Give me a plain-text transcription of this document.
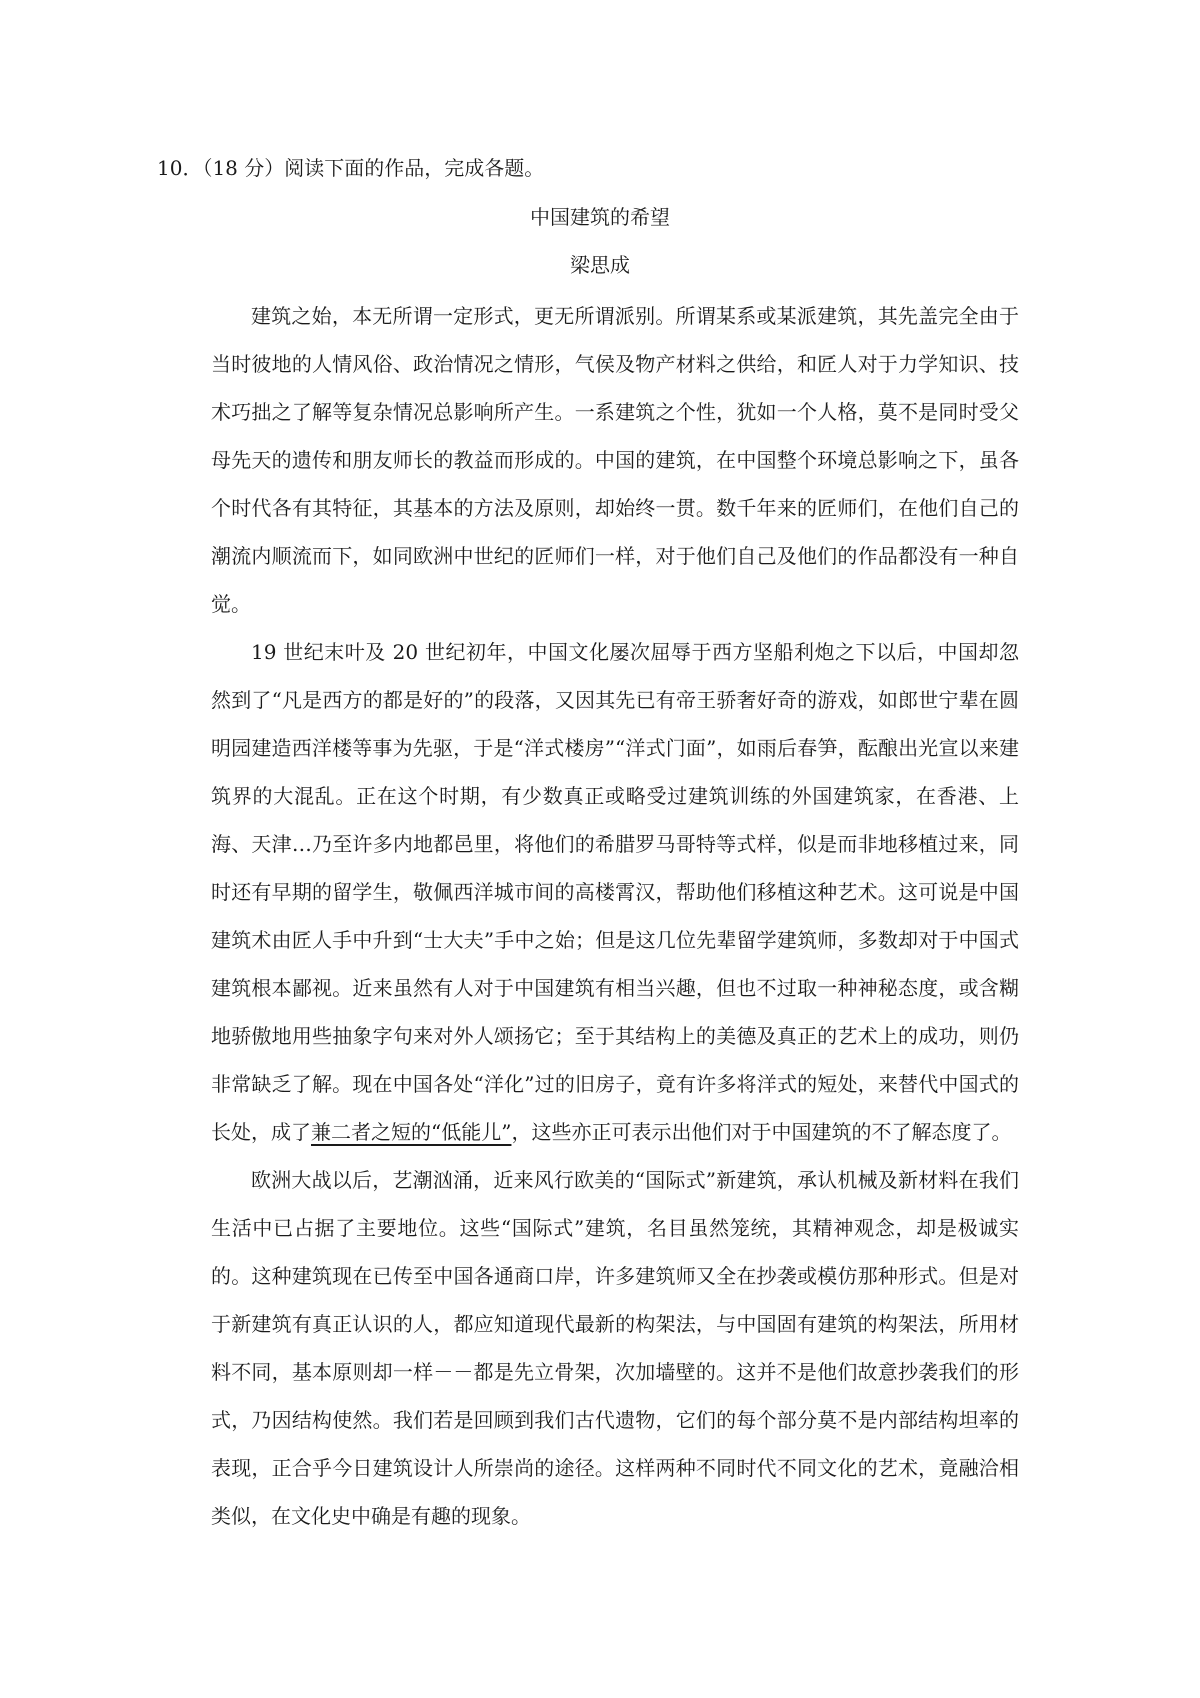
10．（18 分）阅读下面的作品，完成各题。
中国建筑的希望
梁思成

建筑之始，本无所谓一定形式，更无所谓派别。所谓某系或某派建筑，其先盖完全由于当时彼地的人情风俗、政治情况之情形，气侯及物产材料之供给，和匠人对于力学知识、技术巧拙之了解等复杂情况总影响所产生。一系建筑之个性，犹如一个人格，莫不是同时受父母先天的遗传和朋友师长的教益而形成的。中国的建筑，在中国整个环境总影响之下，虽各个时代各有其特征，其基本的方法及原则，却始终一贯。数千年来的匠师们，在他们自己的潮流内顺流而下，如同欧洲中世纪的匠师们一样，对于他们自己及他们的作品都没有一种自觉。

19 世纪末叶及 20 世纪初年，中国文化屡次屈辱于西方坚船利炮之下以后，中国却忽然到了“凡是西方的都是好的”的段落，又因其先已有帝王骄奢好奇的游戏，如郎世宁辈在圆明园建造西洋楼等事为先驱，于是“洋式楼房”“洋式门面”，如雨后春笋，酝酿出光宣以来建筑界的大混乱。正在这个时期，有少数真正或略受过建筑训练的外国建筑家，在香港、上海、天津…乃至许多内地都邑里，将他们的希腊罗马哥特等式样，似是而非地移植过来，同时还有早期的留学生，敬佩西洋城市间的高楼霄汉，帮助他们移植这种艺术。这可说是中国建筑术由匠人手中升到“士大夫”手中之始；但是这几位先辈留学建筑师，多数却对于中国式建筑根本鄙视。近来虽然有人对于中国建筑有相当兴趣，但也不过取一种神秘态度，或含糊地骄傲地用些抽象字句来对外人颂扬它；至于其结构上的美德及真正的艺术上的成功，则仍非常缺乏了解。现在中国各处“洋化”过的旧房子，竟有许多将洋式的短处，来替代中国式的长处，成了兼二者之短的“低能儿”，这些亦正可表示出他们对于中国建筑的不了解态度了。

欧洲大战以后，艺潮汹涌，近来风行欧美的“国际式”新建筑，承认机械及新材料在我们生活中已占据了主要地位。这些“国际式”建筑，名目虽然笼统，其精神观念，却是极诚实的。这种建筑现在已传至中国各通商口岸，许多建筑师又全在抄袭或模仿那种形式。但是对于新建筑有真正认识的人，都应知道现代最新的构架法，与中国固有建筑的构架法，所用材料不同，基本原则却一样－－都是先立骨架，次加墙壁的。这并不是他们故意抄袭我们的形式，乃因结构使然。我们若是回顾到我们古代遗物，它们的每个部分莫不是内部结构坦率的表现，正合乎今日建筑设计人所崇尚的途径。这样两种不同时代不同文化的艺术，竟融洽相类似，在文化史中确是有趣的现象。
